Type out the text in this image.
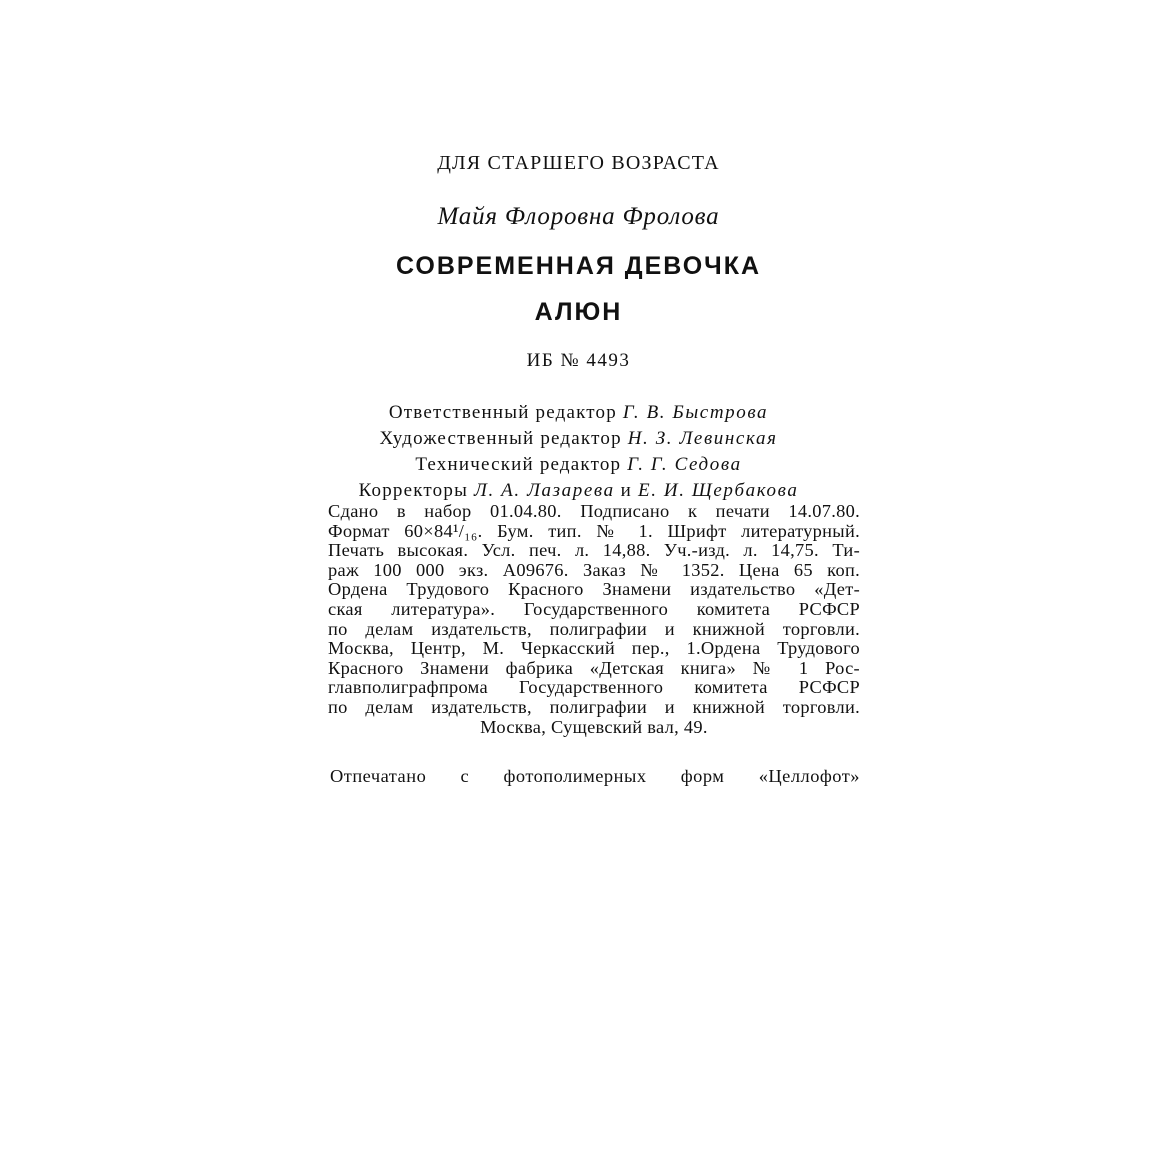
ДЛЯ СТАРШЕГО ВОЗРАСТА
Майя Флоровна Фролова
СОВРЕМЕННАЯ ДЕВОЧКА
АЛЮН
ИБ № 4493
Ответственный редактор Г. В. Быстрова
Художественный редактор Н. З. Левинская
Технический редактор Г. Г. Седова
Корректоры Л. А. Лазарева и Е. И. Щербакова
Сдано в набор 01.04.80. Подписано к печати 14.07.80.
Формат 60×84¹/₁₆. Бум. тип. № 1. Шрифт литературный.
Печать высокая. Усл. печ. л. 14,88. Уч.-изд. л. 14,75. Ти-
раж 100 000 экз. А09676. Заказ № 1352. Цена 65 коп.
Ордена Трудового Красного Знамени издательство «Дет-
ская литература». Государственного комитета РСФСР
по делам издательств, полиграфии и книжной торговли.
Москва, Центр, М. Черкасский пер., 1.Ордена Трудового
Красного Знамени фабрика «Детская книга» № 1 Рос-
главполиграфпрома Государственного комитета РСФСР
по делам издательств, полиграфии и книжной торговли.
Москва, Сущевский вал, 49.
Отпечатано с фотополимерных форм «Целлофот»
